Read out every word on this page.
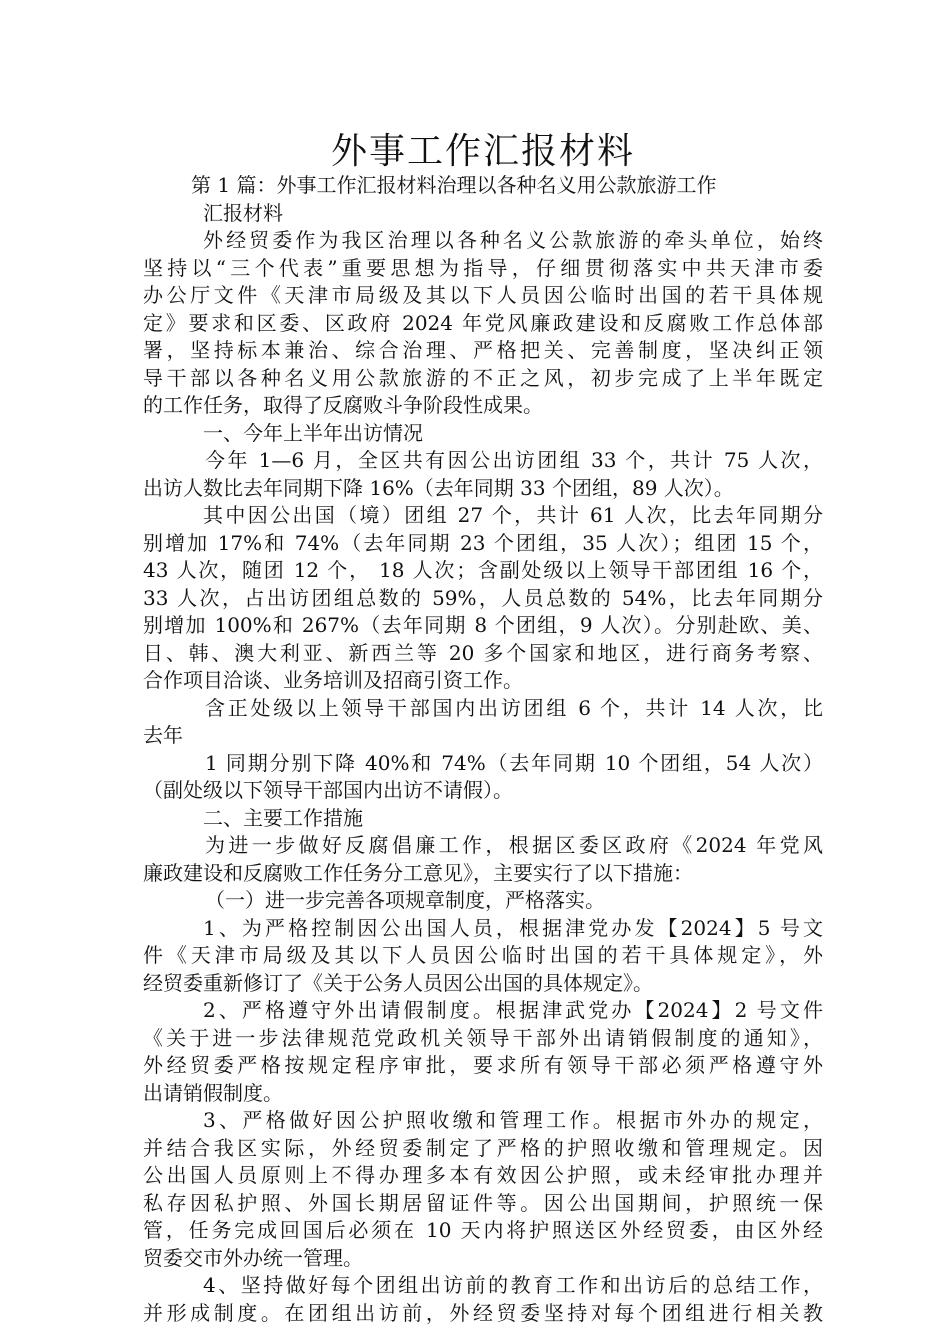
外事工作汇报材料
第 1 篇：外事工作汇报材料治理以各种名义用公款旅游工作
汇报材料
外经贸委作为我区治理以各种名义公款旅游的牵头单位，始终
坚持以“三个代表”重要思想为指导，仔细贯彻落实中共天津市委
办公厅文件《天津市局级及其以下人员因公临时出国的若干具体规
定》要求和区委、区政府 2024 年党风廉政建设和反腐败工作总体部
署，坚持标本兼治、综合治理、严格把关、完善制度，坚决纠正领
导干部以各种名义用公款旅游的不正之风，初步完成了上半年既定
的工作任务，取得了反腐败斗争阶段性成果。
一、今年上半年出访情况
今年 1—6 月，全区共有因公出访团组 33 个，共计 75 人次，
出访人数比去年同期下降 16%（去年同期 33 个团组，89 人次）。
其中因公出国（境）团组 27 个，共计 61 人次，比去年同期分
别增加 17%和 74%（去年同期 23 个团组，35 人次）；组团 15 个，
43 人次，随团 12 个， 18 人次；含副处级以上领导干部团组 16 个，
33 人次，占出访团组总数的 59%，人员总数的 54%，比去年同期分
别增加 100%和 267%（去年同期 8 个团组，9 人次）。分别赴欧、美、
日、韩、澳大利亚、新西兰等 20 多个国家和地区，进行商务考察、
合作项目洽谈、业务培训及招商引资工作。
含正处级以上领导干部国内出访团组 6 个，共计 14 人次，比
去年
1 同期分别下降 40%和 74%（去年同期 10 个团组，54 人次）
（副处级以下领导干部国内出访不请假）。
二、主要工作措施
为进一步做好反腐倡廉工作，根据区委区政府《2024 年党风
廉政建设和反腐败工作任务分工意见》，主要实行了以下措施：
（一）进一步完善各项规章制度，严格落实。
1、为严格控制因公出国人员，根据津党办发【2024】5 号文
件《天津市局级及其以下人员因公临时出国的若干具体规定》，外
经贸委重新修订了《关于公务人员因公出国的具体规定》。
2、严格遵守外出请假制度。根据津武党办【2024】2 号文件
《关于进一步法律规范党政机关领导干部外出请销假制度的通知》，
外经贸委严格按规定程序审批，要求所有领导干部必须严格遵守外
出请销假制度。
3、严格做好因公护照收缴和管理工作。根据市外办的规定，
并结合我区实际，外经贸委制定了严格的护照收缴和管理规定。因
公出国人员原则上不得办理多本有效因公护照，或未经审批办理并
私存因私护照、外国长期居留证件等。因公出国期间，护照统一保
管，任务完成回国后必须在 10 天内将护照送区外经贸委，由区外经
贸委交市外办统一管理。
4、坚持做好每个团组出访前的教育工作和出访后的总结工作，
并形成制度。在团组出访前，外经贸委坚持对每个团组进行相关教
